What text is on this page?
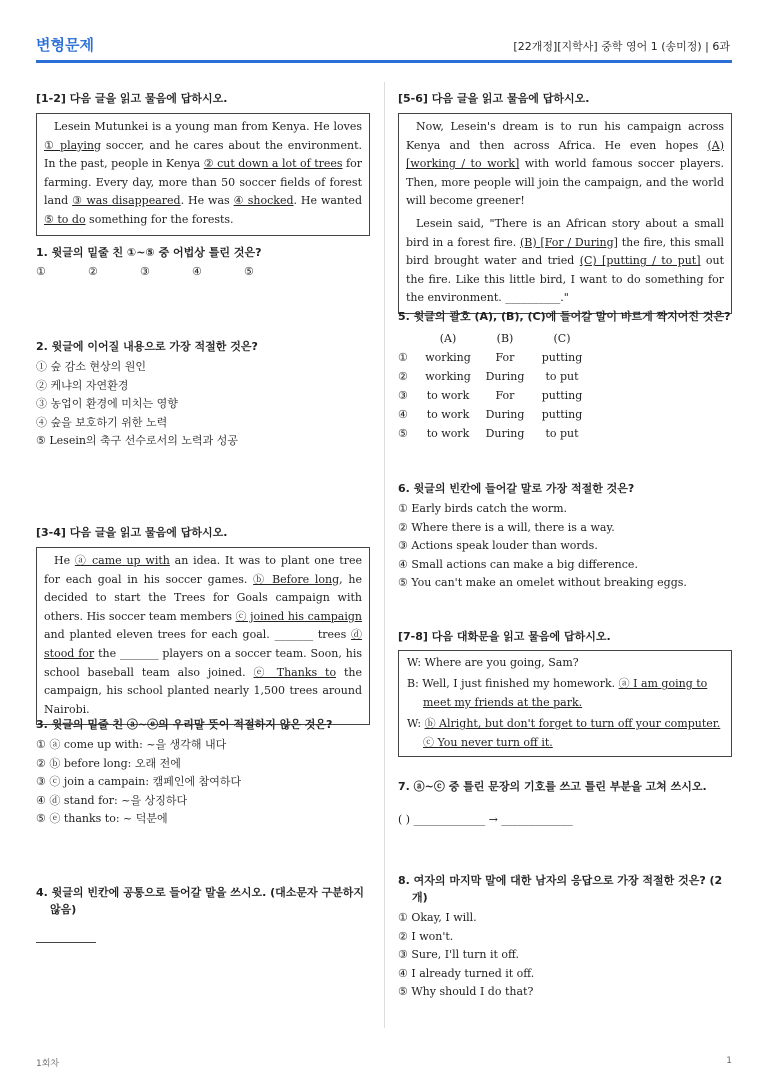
변형문제	[22개정][지학사] 중학 영어 1 (송미정) | 6과
[1-2] 다음 글을 읽고 물음에 답하시오.

Lesein Mutunkei is a young man from Kenya. He loves ① playing soccer, and he cares about the environment. In the past, people in Kenya ② cut down a lot of trees for farming. Every day, more than 50 soccer fields of forest land ③ was disappeared. He was ④ shocked. He wanted ⑤ to do something for the forests.

1. 윗글의 밑줄 친 ①~⑤ 중 어법상 틀린 것은?
①	②	③	④	⑤
2. 윗글에 이어질 내용으로 가장 적절한 것은?
① 숲 감소 현상의 원인
② 케냐의 자연환경
③ 농업이 환경에 미치는 영향
④ 숲을 보호하기 위한 노력
⑤ Lesein의 축구 선수로서의 노력과 성공
[3-4] 다음 글을 읽고 물음에 답하시오.

He ⓐ came up with an idea. It was to plant one tree for each goal in his soccer games. ⓑ Before long, he decided to start the Trees for Goals campaign with others. His soccer team members ⓒ joined his campaign and planted eleven trees for each goal. _______ trees ⓓ stood for the _______ players on a soccer team. Soon, his school baseball team also joined. ⓔ Thanks to the campaign, his school planted nearly 1,500 trees around Nairobi.

3. 윗글의 밑줄 친 ⓐ~ⓔ의 우리말 뜻이 적절하지 않은 것은?
① ⓐ come up with: ~을 생각해 내다
② ⓑ before long: 오래 전에
③ ⓒ join a campain: 캠페인에 참여하다
④ ⓓ stand for: ~을 상징하다
⑤ ⓔ thanks to: ~ 덕분에
4. 윗글의 빈칸에 공통으로 들어갈 말을 쓰시오. (대소문자 구분하지 않음)
[5-6] 다음 글을 읽고 물음에 답하시오.

Now, Lesein's dream is to run his campaign across Kenya and then across Africa. He even hopes (A) [working / to work] with world famous soccer players. Then, more people will join the campaign, and the world will become greener!

Lesein said, "There is an African story about a small bird in a forest fire. (B) [For / During] the fire, this small bird brought water and tried (C) [putting / to put] out the fire. Like this little bird, I want to do something for the environment. __________."

5. 윗글의 괄호 (A), (B), (C)에 들어갈 말이 바르게 짝지어진 것은?
	(A)	(B)	(C)
①	working	For	putting
②	working	During	to put
③	to work	For	putting
④	to work	During	putting
⑤	to work	During	to put
6. 윗글의 빈칸에 들어갈 말로 가장 적절한 것은?
① Early birds catch the worm.
② Where there is a will, there is a way.
③ Actions speak louder than words.
④ Small actions can make a big difference.
⑤ You can't make an omelet without breaking eggs.
[7-8] 다음 대화문을 읽고 물음에 답하시오.
W: Where are you going, Sam?
B: Well, I just finished my homework. ⓐ I am going to meet my friends at the park.
W: ⓑ Alright, but don't forget to turn off your computer. ⓒ You never turn off it.
7. ⓐ~ⓒ 중 틀린 문장의 기호를 쓰고 틀린 부분을 고쳐 쓰시오.
( ) _____________ → _____________
8. 여자의 마지막 말에 대한 남자의 응답으로 가장 적절한 것은? (2개)
① Okay, I will.
② I won't.
③ Sure, I'll turn it off.
④ I already turned it off.
⑤ Why should I do that?
1회차	1
